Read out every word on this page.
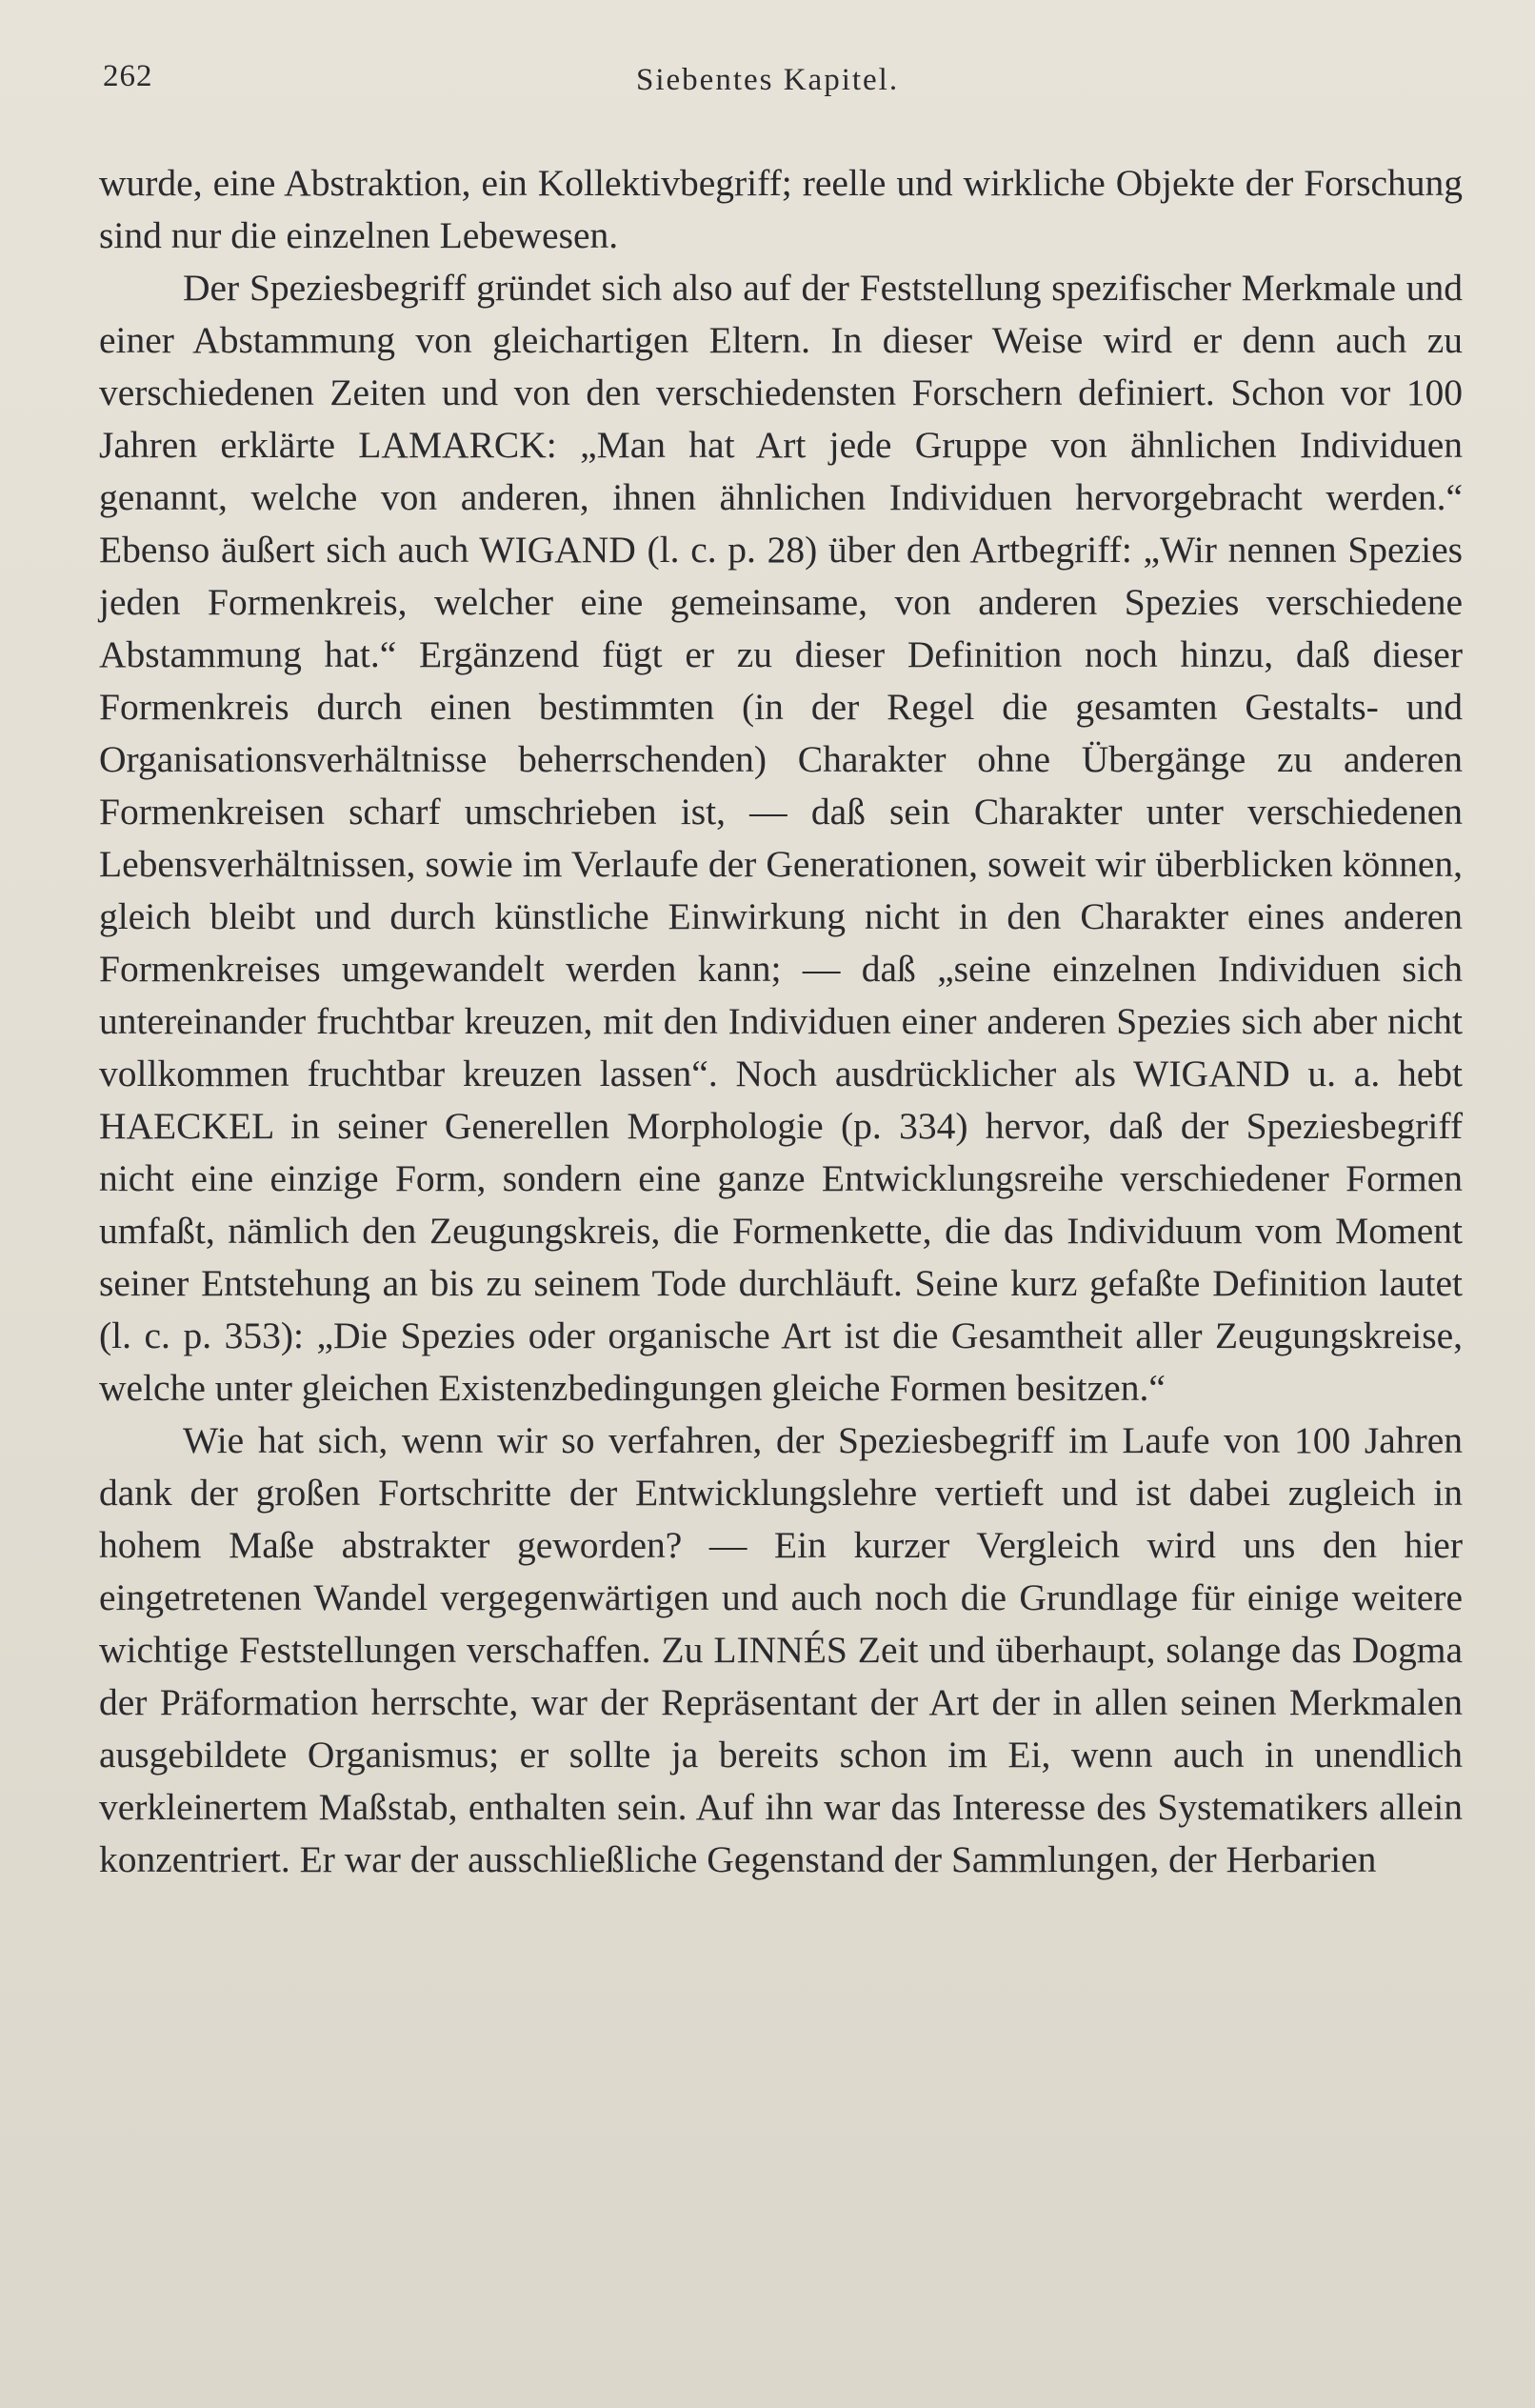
262	Siebentes Kapitel.

wurde, eine Abstraktion, ein Kollektivbegriff; reelle und wirkliche Objekte der Forschung sind nur die einzelnen Lebewesen.

Der Speziesbegriff gründet sich also auf der Feststellung spezifischer Merkmale und einer Abstammung von gleichartigen Eltern. In dieser Weise wird er denn auch zu verschiedenen Zeiten und von den verschiedensten Forschern definiert. Schon vor 100 Jahren erklärte LAMARCK: „Man hat Art jede Gruppe von ähnlichen Individuen genannt, welche von anderen, ihnen ähnlichen Individuen hervorgebracht werden.“ Ebenso äußert sich auch WIGAND (l. c. p. 28) über den Artbegriff: „Wir nennen Spezies jeden Formenkreis, welcher eine gemeinsame, von anderen Spezies verschiedene Abstammung hat.“ Ergänzend fügt er zu dieser Definition noch hinzu, daß dieser Formenkreis durch einen bestimmten (in der Regel die gesamten Gestalts- und Organisationsverhältnisse beherrschenden) Charakter ohne Übergänge zu anderen Formenkreisen scharf umschrieben ist, — daß sein Charakter unter verschiedenen Lebensverhältnissen, sowie im Verlaufe der Generationen, soweit wir überblicken können, gleich bleibt und durch künstliche Einwirkung nicht in den Charakter eines anderen Formenkreises umgewandelt werden kann; — daß „seine einzelnen Individuen sich untereinander fruchtbar kreuzen, mit den Individuen einer anderen Spezies sich aber nicht vollkommen fruchtbar kreuzen lassen“. Noch ausdrücklicher als WIGAND u. a. hebt HAECKEL in seiner Generellen Morphologie (p. 334) hervor, daß der Speziesbegriff nicht eine einzige Form, sondern eine ganze Entwicklungsreihe verschiedener Formen umfaßt, nämlich den Zeugungskreis, die Formenkette, die das Individuum vom Moment seiner Entstehung an bis zu seinem Tode durchläuft. Seine kurz gefaßte Definition lautet (l. c. p. 353): „Die Spezies oder organische Art ist die Gesamtheit aller Zeugungskreise, welche unter gleichen Existenzbedingungen gleiche Formen besitzen.“

Wie hat sich, wenn wir so verfahren, der Speziesbegriff im Laufe von 100 Jahren dank der großen Fortschritte der Entwicklungslehre vertieft und ist dabei zugleich in hohem Maße abstrakter geworden? — Ein kurzer Vergleich wird uns den hier eingetretenen Wandel vergegenwärtigen und auch noch die Grundlage für einige weitere wichtige Feststellungen verschaffen. Zu LINNÉS Zeit und überhaupt, solange das Dogma der Präformation herrschte, war der Repräsentant der Art der in allen seinen Merkmalen ausgebildete Organismus; er sollte ja bereits schon im Ei, wenn auch in unendlich verkleinertem Maßstab, enthalten sein. Auf ihn war das Interesse des Systematikers allein konzentriert. Er war der ausschließliche Gegenstand der Sammlungen, der Herbarien
